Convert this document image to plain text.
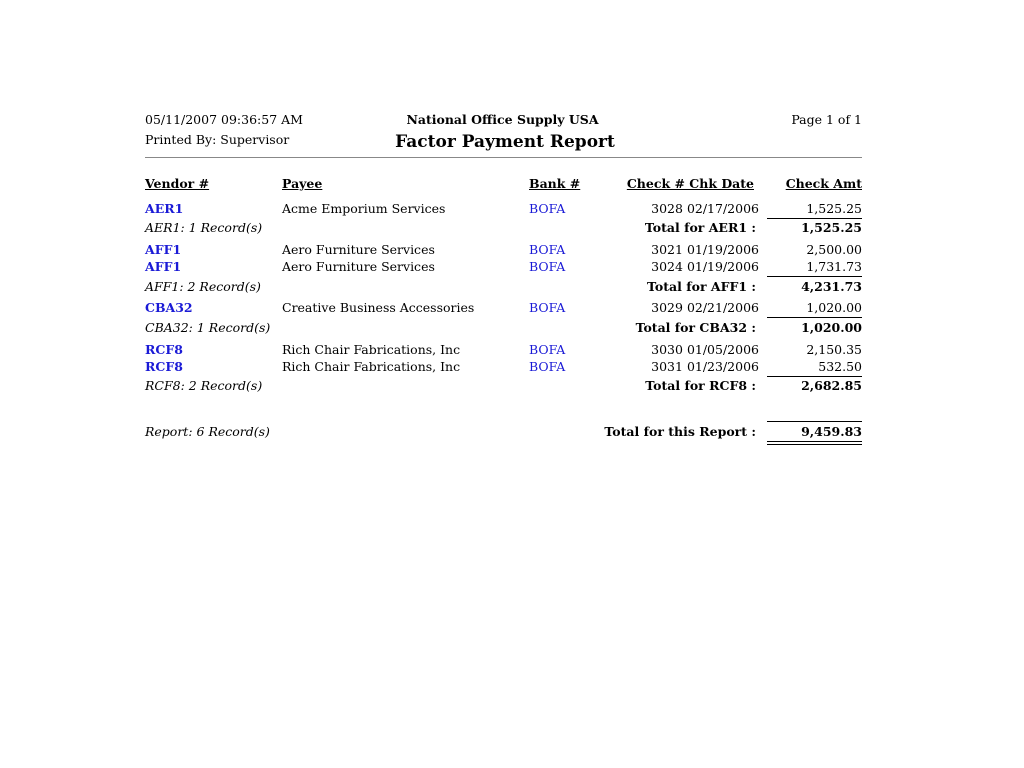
05/11/2007 09:36:57 AM
Printed By: Supervisor
National Office Supply USA
Factor Payment Report
Page 1 of 1
Vendor #	Payee	Bank #	Check # Chk Date	Check Amt
AER1	Acme Emporium Services	BOFA	3028 02/17/2006	1,525.25
AER1: 1 Record(s)	Total for AER1 :	1,525.25
AFF1	Aero Furniture Services	BOFA	3021 01/19/2006	2,500.00
AFF1	Aero Furniture Services	BOFA	3024 01/19/2006	1,731.73
AFF1: 2 Record(s)	Total for AFF1 :	4,231.73
CBA32	Creative Business Accessories	BOFA	3029 02/21/2006	1,020.00
CBA32: 1 Record(s)	Total for CBA32 :	1,020.00
RCF8	Rich Chair Fabrications, Inc	BOFA	3030 01/05/2006	2,150.35
RCF8	Rich Chair Fabrications, Inc	BOFA	3031 01/23/2006	532.50
RCF8: 2 Record(s)	Total for RCF8 :	2,682.85
Report: 6 Record(s)	Total for this Report :	9,459.83
